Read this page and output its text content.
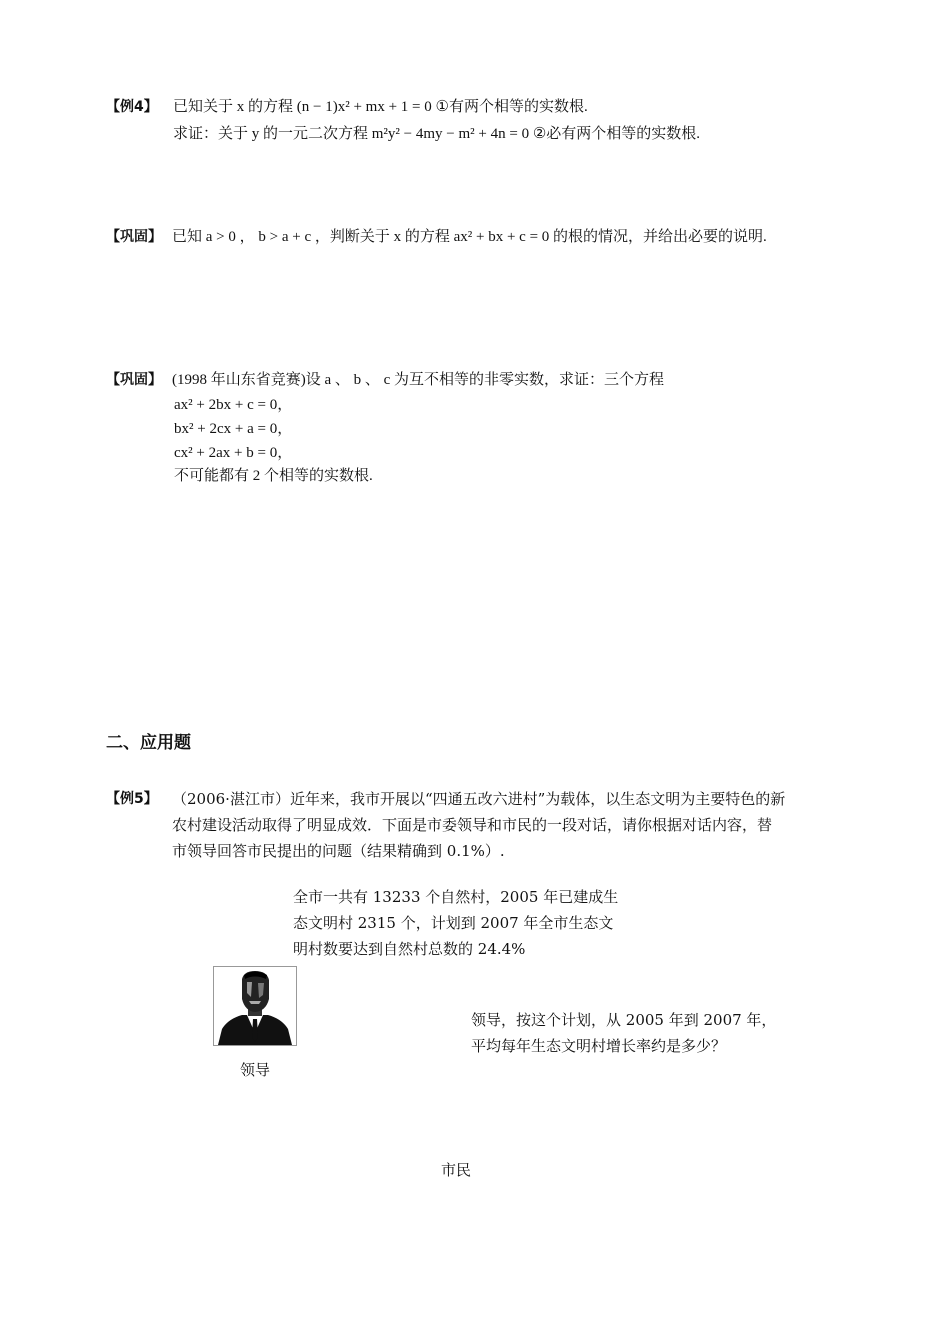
【例4】 已知关于 x 的方程 (n − 1)x² + mx + 1 = 0 ①有两个相等的实数根.
求证：关于 y 的一元二次方程 m²y² − 4my − m² + 4n = 0 ②必有两个相等的实数根.
【巩固】 已知 a > 0 ， b > a + c ，判断关于 x 的方程 ax² + bx + c = 0 的根的情况，并给出必要的说明.
【巩固】 (1998 年山东省竞赛)设 a 、 b 、 c 为互不相等的非零实数，求证：三个方程
ax² + 2bx + c = 0，
bx² + 2cx + a = 0，
cx² + 2ax + b = 0，
不可能都有 2 个相等的实数根.
二、应用题
【例5】 （2006·湛江市）近年来，我市开展以“四通五改六进村”为载体，以生态文明为主要特色的新
农村建设活动取得了明显成效．下面是市委领导和市民的一段对话，请你根据对话内容，替
市领导回答市民提出的问题（结果精确到 0.1%）.
全市一共有 13233 个自然村，2005 年已建成生
态文明村 2315 个，计划到 2007 年全市生态文
明村数要达到自然村总数的 24.4%
领导
领导，按这个计划，从 2005 年到 2007 年，
平均每年生态文明村增长率约是多少？
市民
